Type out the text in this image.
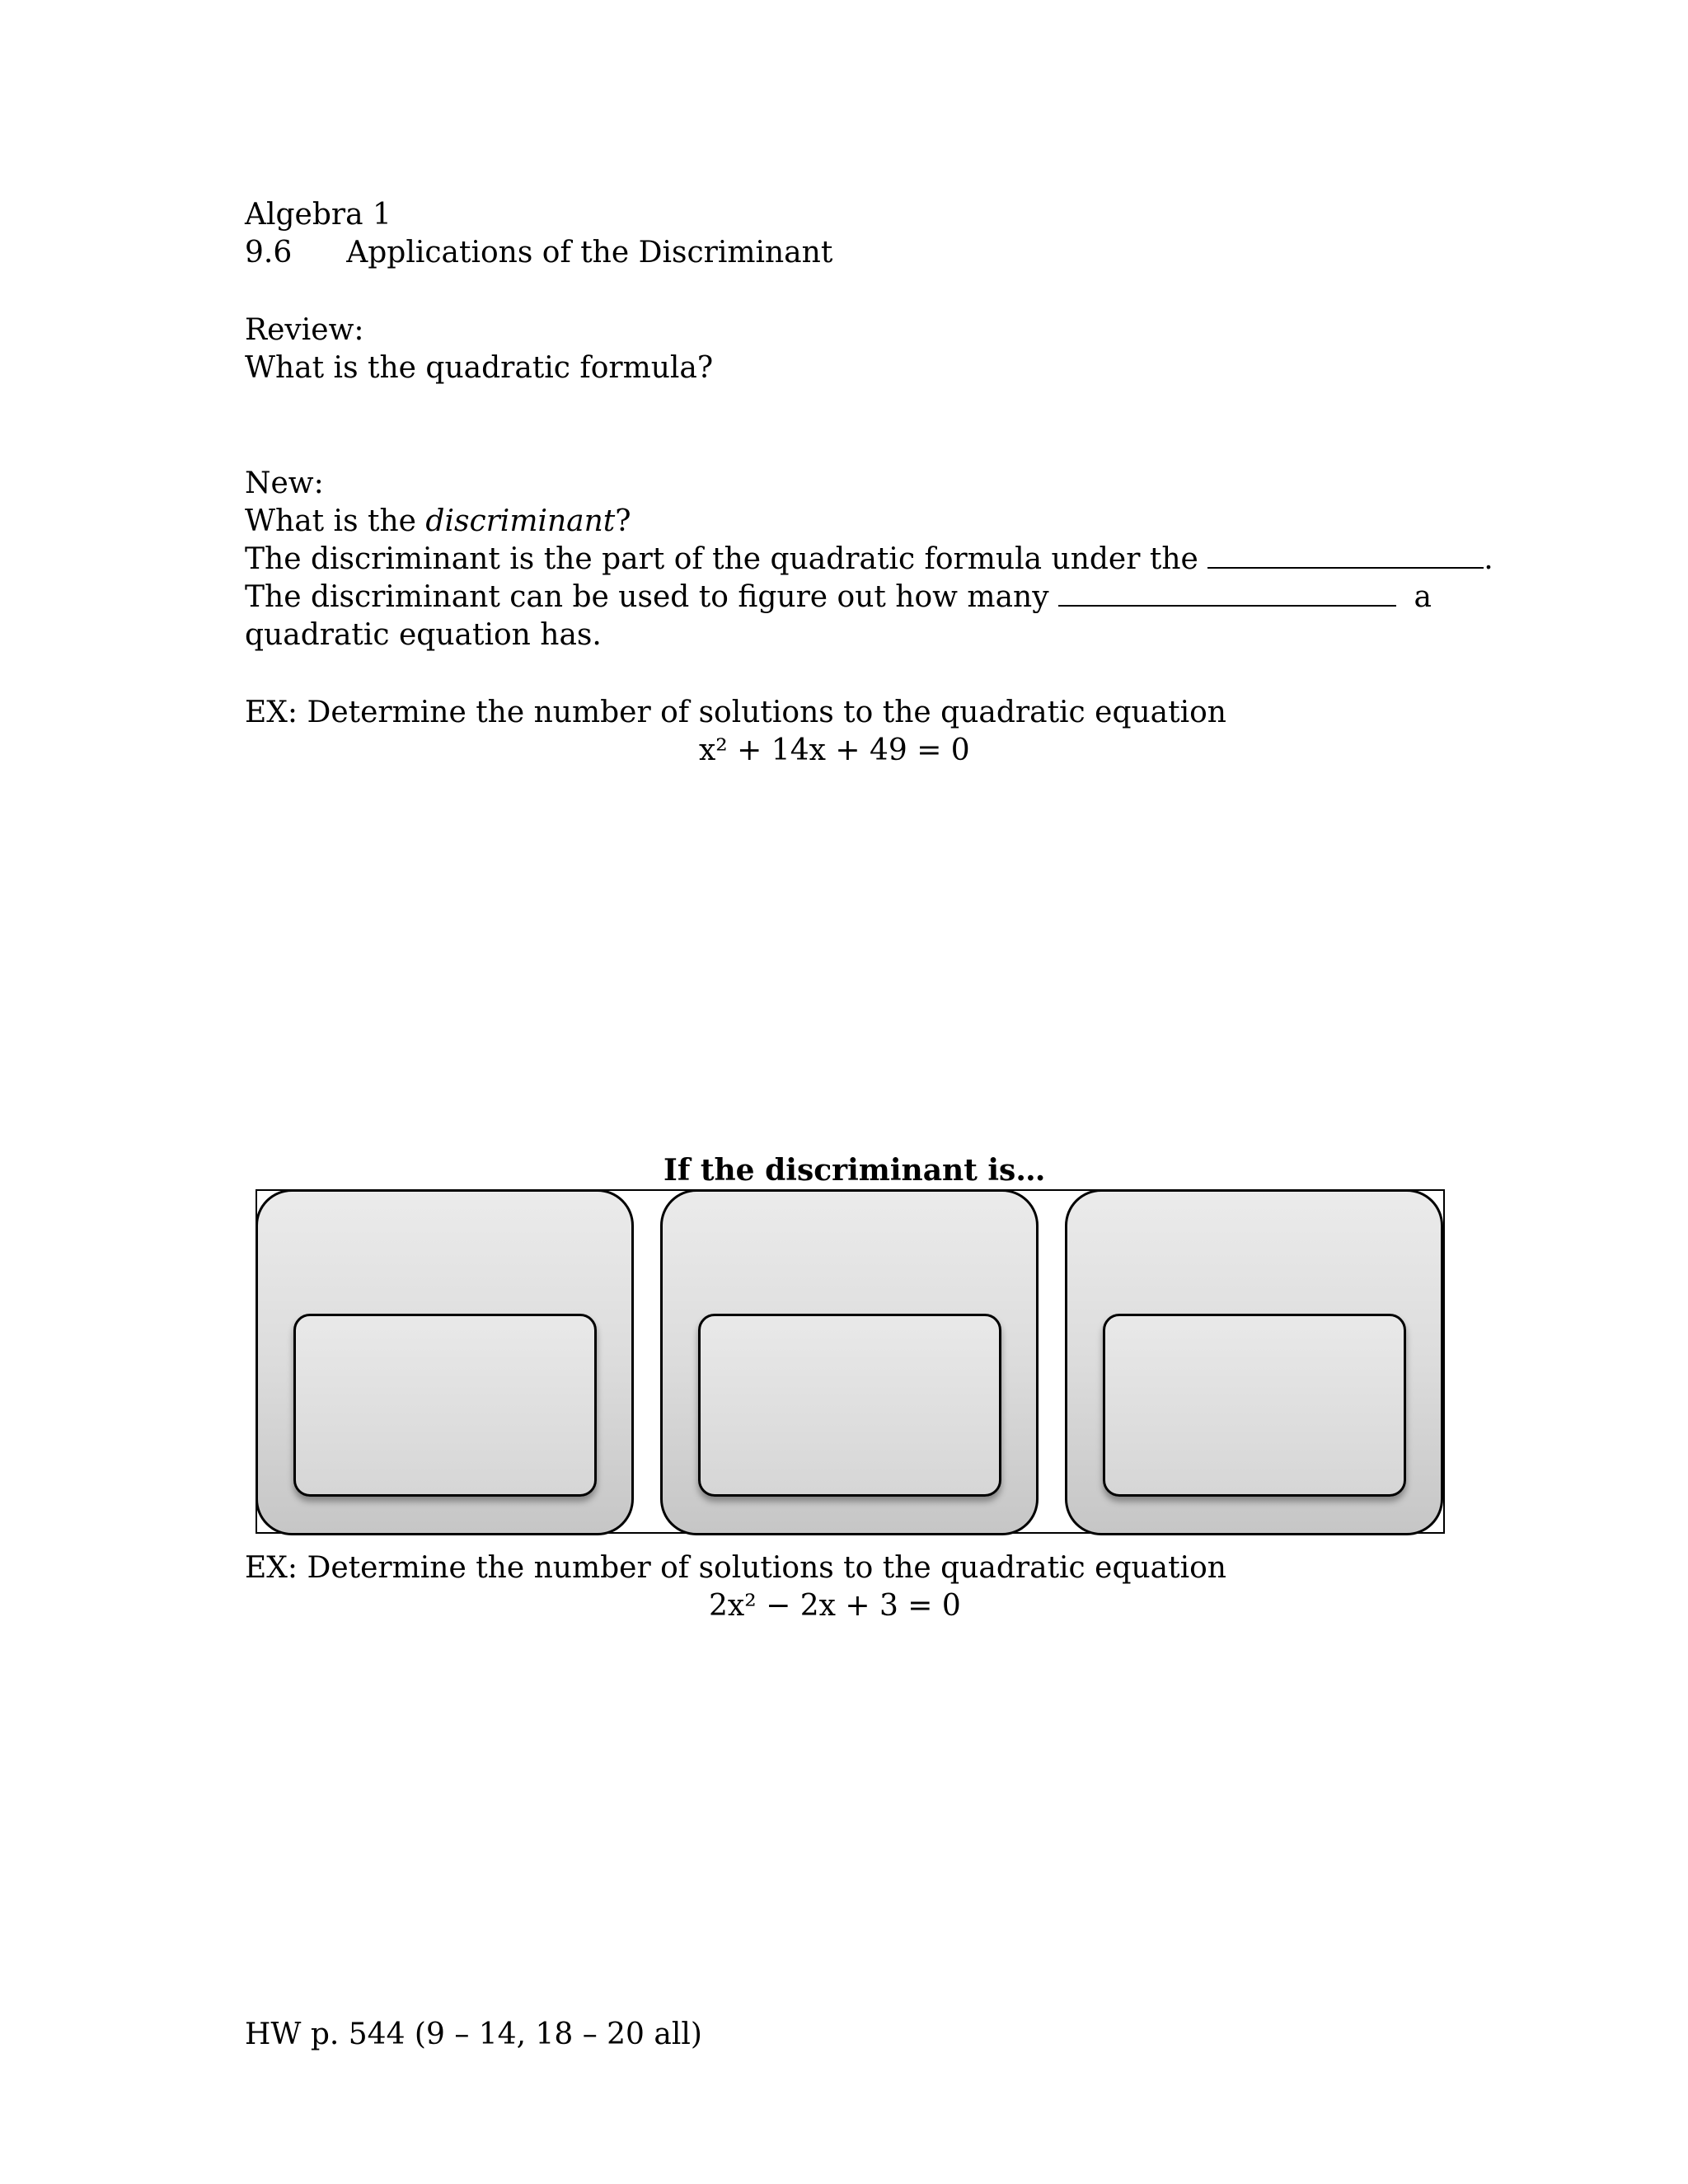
Algebra 1
9.6 Applications of the Discriminant
Review:
What is the quadratic formula?
New:
What is the discriminant?
The discriminant is the part of the quadratic formula under the	.
The discriminant can be used to figure out how many	a
quadratic equation has.
EX: Determine the number of solutions to the quadratic equation
x² + 14x + 49 = 0
If the discriminant is…
EX: Determine the number of solutions to the quadratic equation
2x² − 2x + 3 = 0
HW p. 544 (9 – 14, 18 – 20 all)
